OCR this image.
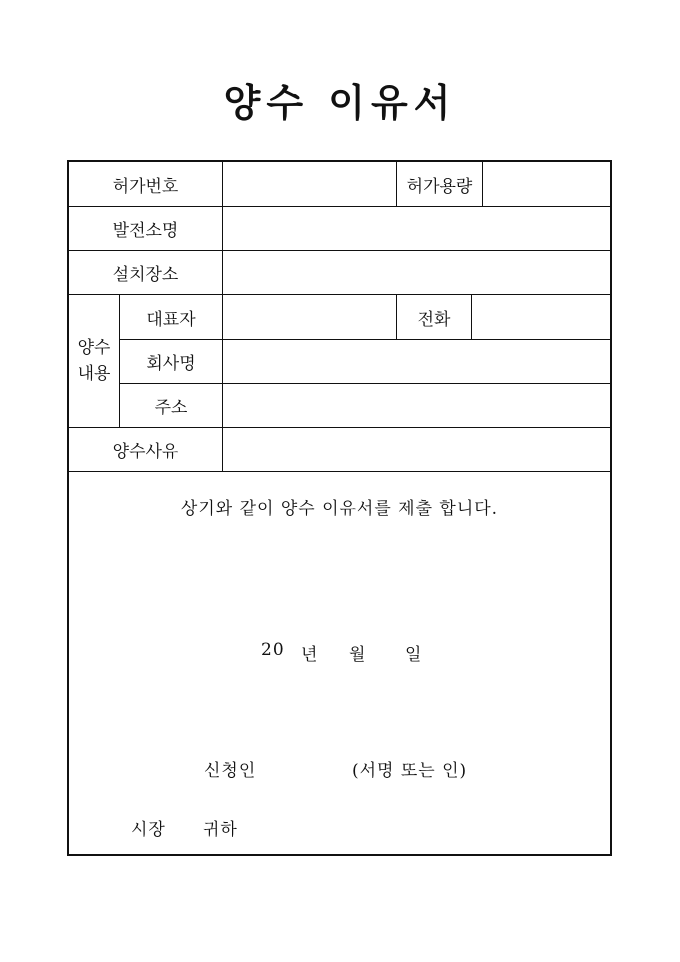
양수 이유서
허가번호	허가용량
발전소명
설치장소
양수
내용
대표자	전화
회사명
주소
양수사유
상기와 같이 양수 이유서를 제출 합니다.
20 년 월 일
신청인	(서명 또는 인)
시장 귀하
